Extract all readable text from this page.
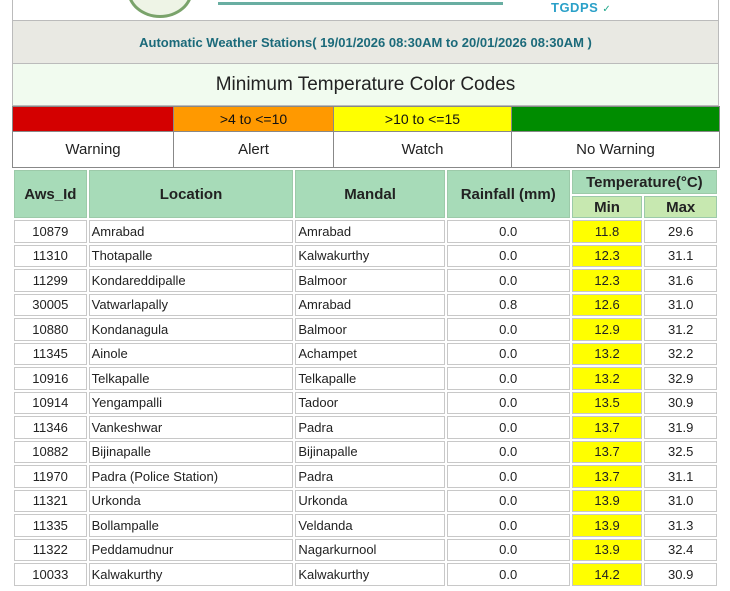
TGDPS ✓
Automatic Weather Stations( 19/01/2026 08:30AM to 20/01/2026 08:30AM )
Minimum Temperature Color Codes
<=4	>4 to <=10	>10 to <=15	>15
Warning	Alert	Watch	No Warning
Aws_Id	Location	Mandal	Rainfall (mm)	Temperature(°C)	
				Min	Max
10879	Amrabad	Amrabad	0.0	11.8	29.6
11310	Thotapalle	Kalwakurthy	0.0	12.3	31.1
11299	Kondareddipalle	Balmoor	0.0	12.3	31.6
30005	Vatwarlapally	Amrabad	0.8	12.6	31.0
10880	Kondanagula	Balmoor	0.0	12.9	31.2
11345	Ainole	Achampet	0.0	13.2	32.2
10916	Telkapalle	Telkapalle	0.0	13.2	32.9
10914	Yengampalli	Tadoor	0.0	13.5	30.9
11346	Vankeshwar	Padra	0.0	13.7	31.9
10882	Bijinapalle	Bijinapalle	0.0	13.7	32.5
11970	Padra (Police Station)	Padra	0.0	13.7	31.1
11321	Urkonda	Urkonda	0.0	13.9	31.0
11335	Bollampalle	Veldanda	0.0	13.9	31.3
11322	Peddamudnur	Nagarkurnool	0.0	13.9	32.4
10033	Kalwakurthy	Kalwakurthy	0.0	14.2	30.9
